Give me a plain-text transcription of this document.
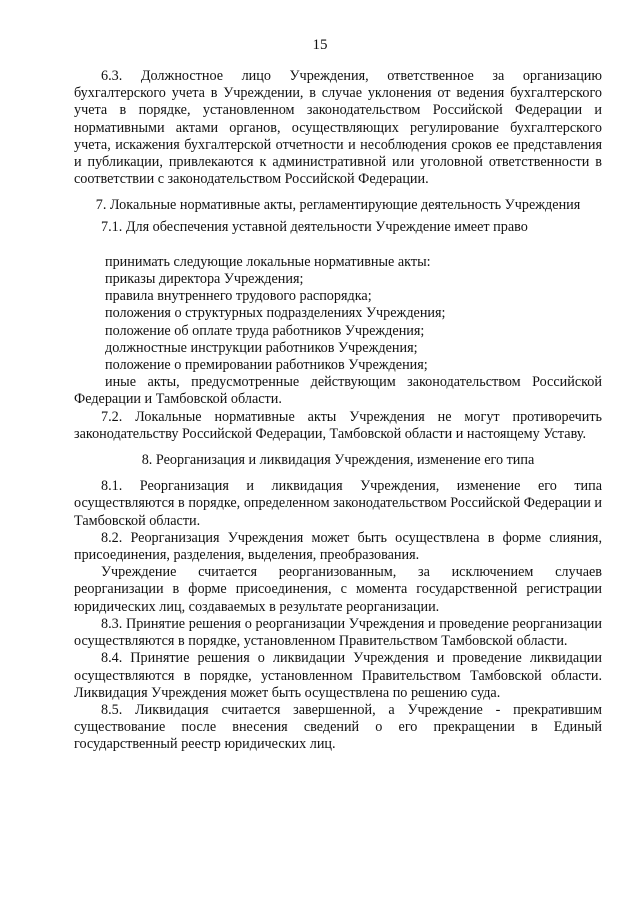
15

6.3. Должностное лицо Учреждения, ответственное за организацию бухгалтерского учета в Учреждении, в случае уклонения от ведения бухгалтерского учета в порядке, установленном законодательством Российской Федерации и нормативными актами органов, осуществляющих регулирование бухгалтерского учета, искажения бухгалтерской отчетности и несоблюдения сроков ее представления и публикации, привлекаются к административной или уголовной ответственности в соответствии с законодательством Российской Федерации.

7. Локальные нормативные акты, регламентирующие деятельность Учреждения

7.1. Для обеспечения уставной деятельности Учреждение имеет право

принимать следующие локальные нормативные акты:
приказы директора Учреждения;
правила внутреннего трудового распорядка;
положения о структурных подразделениях Учреждения;
положение об оплате труда работников Учреждения;
должностные инструкции работников Учреждения;
положение о премировании работников Учреждения;

иные акты, предусмотренные действующим законодательством Российской Федерации и Тамбовской области.

7.2. Локальные нормативные акты Учреждения не могут противоречить законодательству Российской Федерации, Тамбовской области и настоящему Уставу.

8. Реорганизация и ликвидация Учреждения, изменение его типа

8.1. Реорганизация и ликвидация Учреждения, изменение его типа осуществляются в порядке, определенном законодательством Российской Федерации и Тамбовской области.

8.2. Реорганизация Учреждения может быть осуществлена в форме слияния, присоединения, разделения, выделения, преобразования.

Учреждение считается реорганизованным, за исключением случаев реорганизации в форме присоединения, с момента государственной регистрации юридических лиц, создаваемых в результате реорганизации.

8.3. Принятие решения о реорганизации Учреждения и проведение реорганизации осуществляются в порядке, установленном Правительством Тамбовской области.

8.4. Принятие решения о ликвидации Учреждения и проведение ликвидации осуществляются в порядке, установленном Правительством Тамбовской области. Ликвидация Учреждения может быть осуществлена по решению суда.

8.5. Ликвидация считается завершенной, а Учреждение - прекратившим существование после внесения сведений о его прекращении в Единый государственный реестр юридических лиц.
